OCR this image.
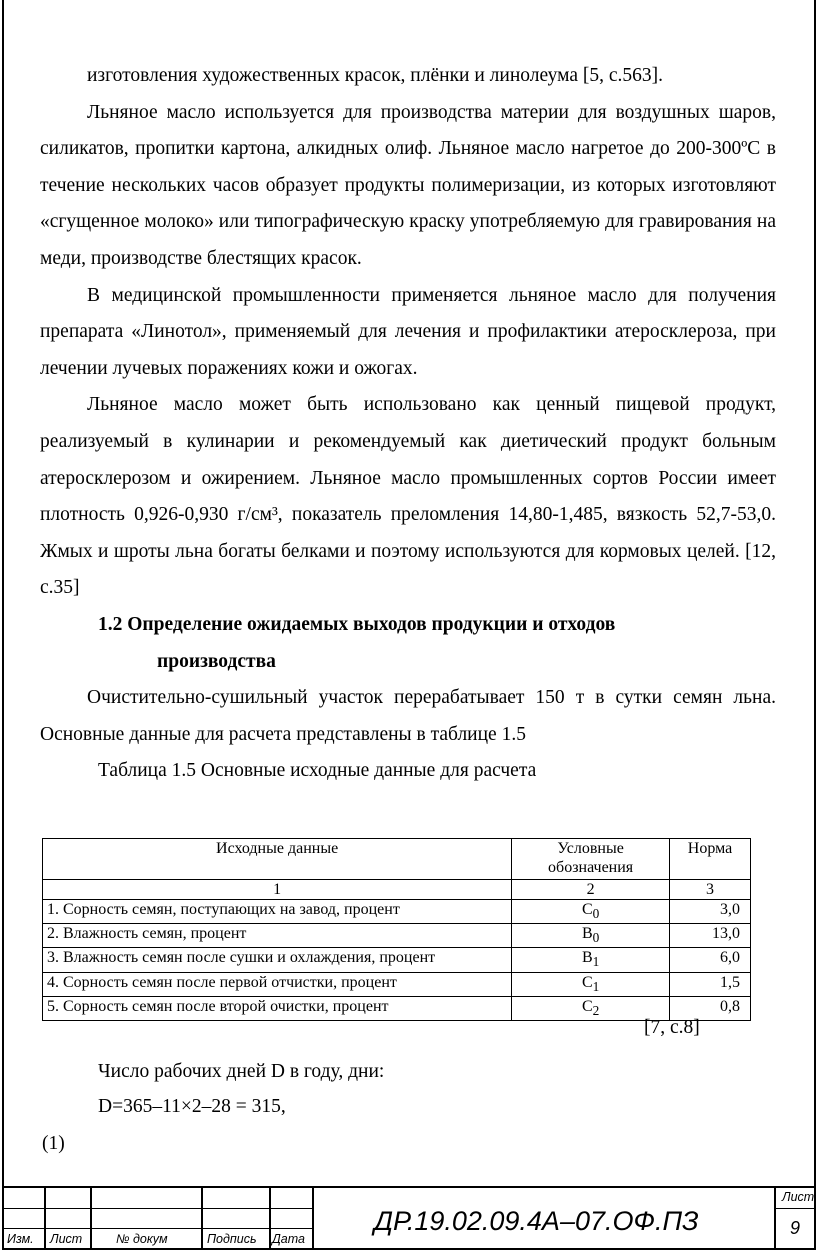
изготовления художественных красок, плёнки и линолеума [5, с.563].

Льняное масло используется для производства материи для воздушных шаров, силикатов, пропитки картона, алкидных олиф. Льняное масло нагретое до 200-300ºС в течение нескольких часов образует продукты полимеризации, из которых изготовляют «сгущенное молоко» или типографическую краску употребляемую для гравирования на меди, производстве блестящих красок.

В медицинской промышленности применяется льняное масло для получения препарата «Линотол», применяемый для лечения и профилактики атеросклероза, при лечении лучевых поражениях кожи и ожогах.

Льняное масло может быть использовано как ценный пищевой продукт, реализуемый в кулинарии и рекомендуемый как диетический продукт больным атеросклерозом и ожирением. Льняное масло промышленных сортов России имеет плотность 0,926-0,930 г/см³, показатель преломления 14,80-1,485, вязкость 52,7-53,0. Жмых и шроты льна богаты белками и поэтому используются для кормовых целей. [12, с.35]

1.2 Определение ожидаемых выходов продукции и отходов

производства

Очистительно-сушильный участок перерабатывает 150 т в сутки семян льна. Основные данные для расчета представлены в таблице 1.5

Таблица 1.5 Основные исходные данные для расчета

Исходные данные	Условные обозначения	Норма
1	2	3
1. Сорность семян, поступающих на завод, процент	$C_0$	3,0
2. Влажность семян, процент	$В_0$	13,0
3. Влажность семян после сушки и охлаждения, процент	$В_1$	6,0
4. Сорность семян после первой отчистки, процент	$C_1$	1,5
5. Сорность семян после второй очистки, процент	$C_2$	0,8
[7, с.8]
Число рабочих дней D в году, дни:
D=365–11×2–28 = 315,
(1)
Изм. Лист	№ докум	Подпись Дата
ДР.19.02.09.4А–07.ОФ.ПЗ
Лист
9
